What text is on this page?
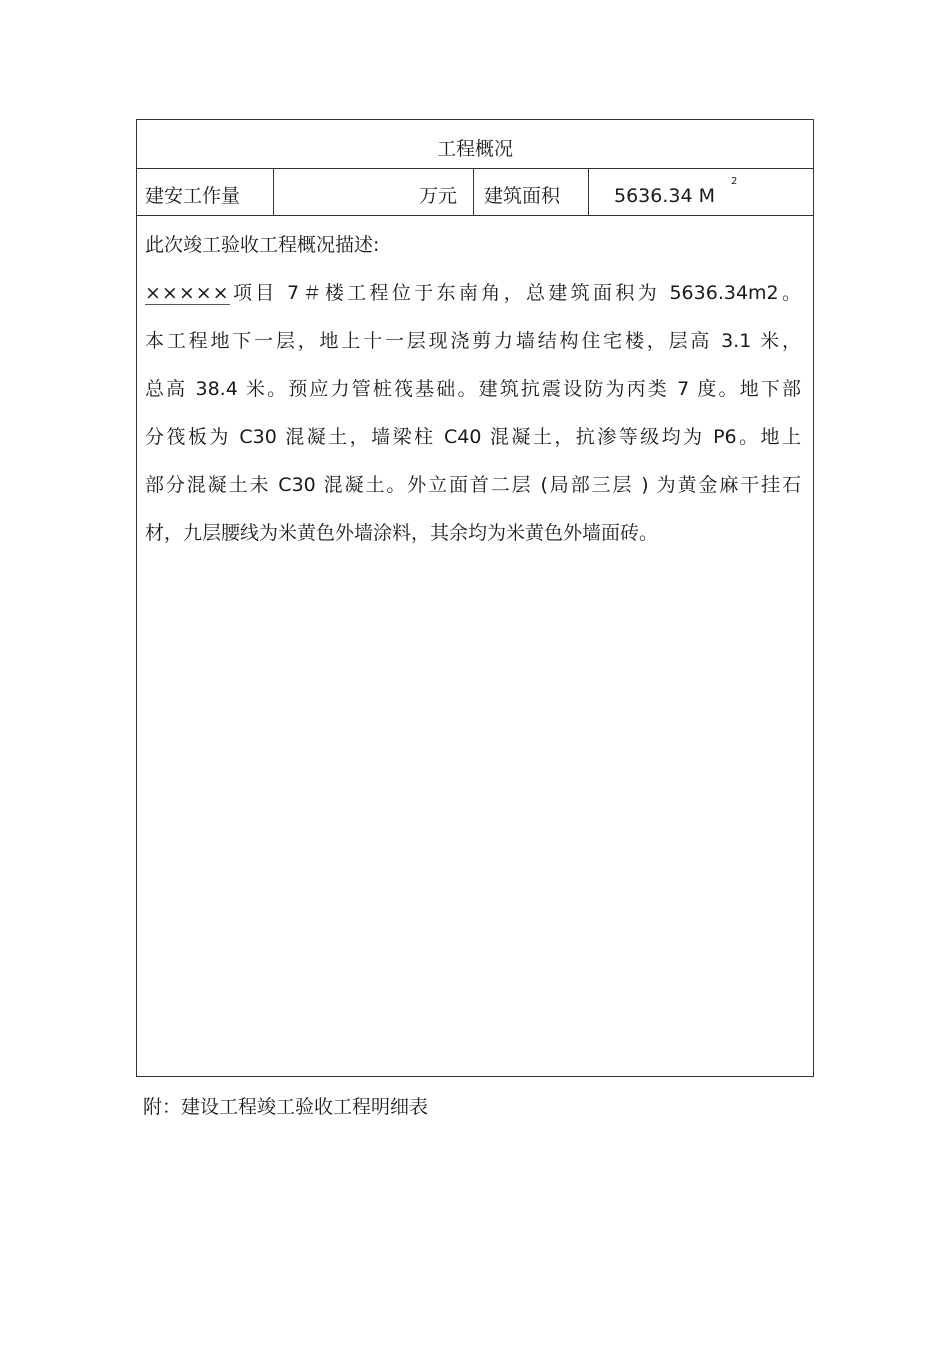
工程概况
建安工作量	万元	建筑面积	5636.34 $M^2$
此次竣工验收工程概况描述:
×××××项目 7＃楼工程位于东南角，总建筑面积为 5636.34m2。
本工程地下一层，地上十一层现浇剪力墙结构住宅楼，层高 3.1 米，
总高 38.4 米。预应力管桩筏基础。建筑抗震设防为丙类 7 度。地下部
分筏板为 C30 混凝土，墙梁柱 C40 混凝土，抗渗等级均为 P6。地上
部分混凝土未 C30 混凝土。外立面首二层 (局部三层 ) 为黄金麻干挂石
材，九层腰线为米黄色外墙涂料，其余均为米黄色外墙面砖。
附：建设工程竣工验收工程明细表
